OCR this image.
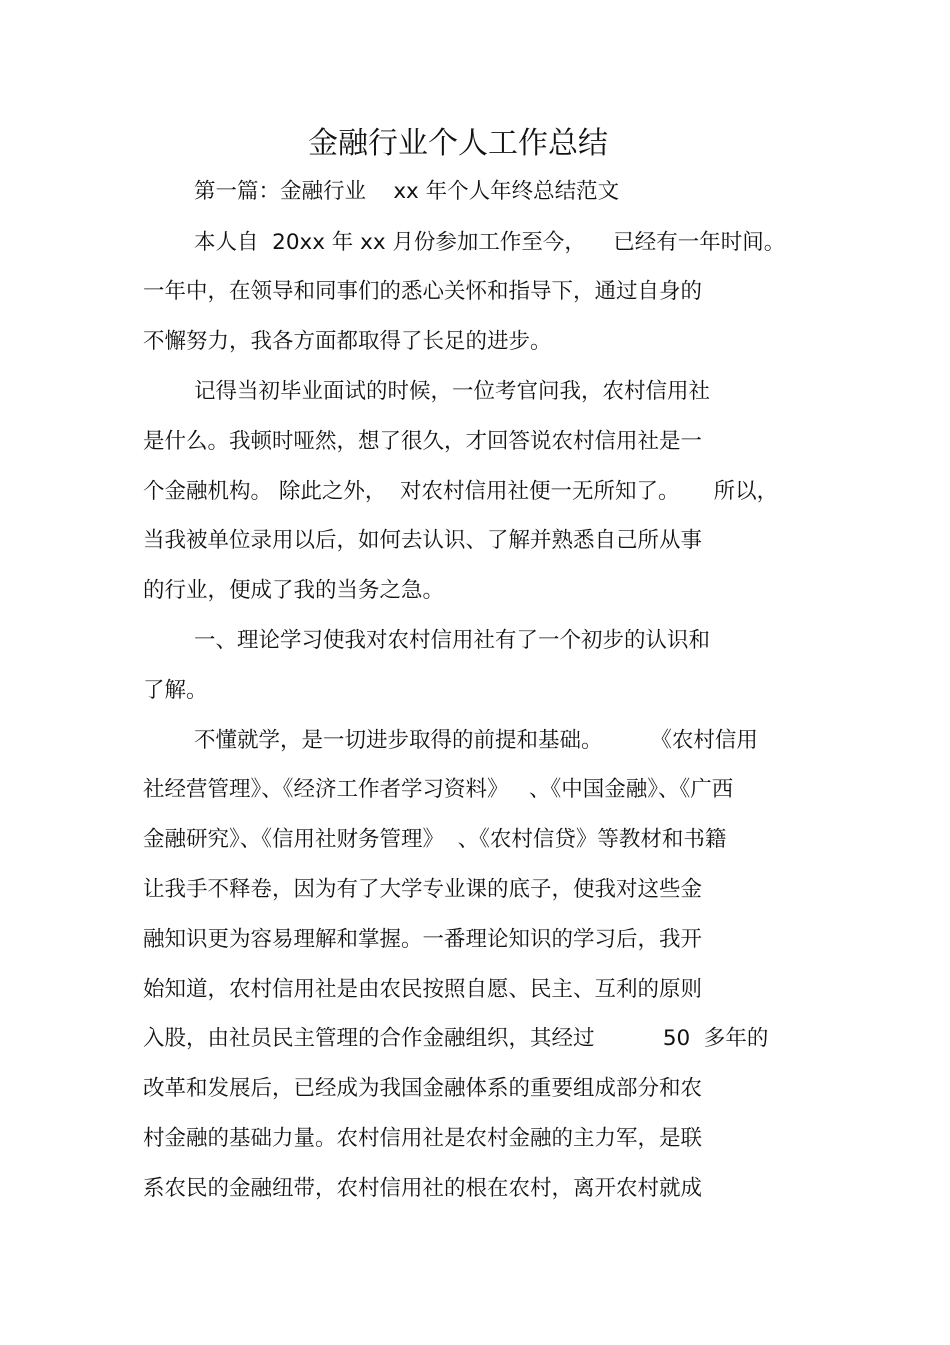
金融行业个人工作总结
第一篇：金融行业    xx 年个人年终总结范文
本人自  20xx 年 xx 月份参加工作至今，    已经有一年时间。
一年中，在领导和同事们的悉心关怀和指导下，通过自身的
不懈努力，我各方面都取得了长足的进步。
记得当初毕业面试的时候，一位考官问我，农村信用社
是什么。我顿时哑然，想了很久，才回答说农村信用社是一
个金融机构。 除此之外，  对农村信用社便一无所知了。     所以，
当我被单位录用以后，如何去认识、了解并熟悉自己所从事
的行业，便成了我的当务之急。
一、理论学习使我对农村信用社有了一个初步的认识和
了解。
不懂就学，是一切进步取得的前提和基础。       《农村信用
社经营管理》、《经济工作者学习资料》   、《中国金融》、《广西
金融研究》、《信用社财务管理》  、《农村信贷》等教材和书籍
让我手不释卷，因为有了大学专业课的底子，使我对这些金
融知识更为容易理解和掌握。一番理论知识的学习后，我开
始知道，农村信用社是由农民按照自愿、民主、互利的原则
入股，由社员民主管理的合作金融组织，其经过          50  多年的
改革和发展后，已经成为我国金融体系的重要组成部分和农
村金融的基础力量。农村信用社是农村金融的主力军，是联
系农民的金融纽带，农村信用社的根在农村，离开农村就成
